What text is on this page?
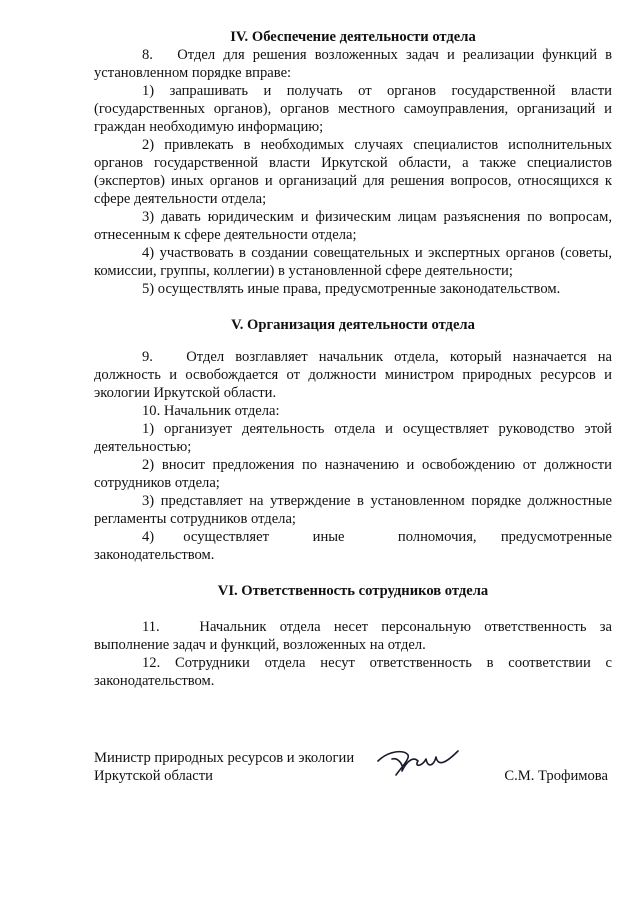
IV. Обеспечение деятельности отдела

8.   Отдел для решения возложенных задач и реализации функций в установленном порядке вправе:

1) запрашивать и получать от органов государственной власти (государственных органов), органов местного самоуправления, организаций и граждан необходимую информацию;

2) привлекать в необходимых случаях специалистов исполнительных органов государственной власти Иркутской области, а также специалистов (экспертов) иных органов и организаций для решения вопросов, относящихся к сфере деятельности отдела;

3) давать юридическим и физическим лицам разъяснения по вопросам, отнесенным к сфере деятельности отдела;

4) участвовать в создании совещательных и экспертных органов (советы, комиссии, группы, коллегии) в установленной сфере деятельности;

5) осуществлять иные права, предусмотренные законодательством.

V. Организация деятельности отдела

9.   Отдел возглавляет начальник отдела, который назначается на должность и освобождается от должности министром природных ресурсов и экологии Иркутской области.

10. Начальник отдела:

1) организует деятельность отдела и осуществляет руководство этой деятельностью;

2) вносит предложения по назначению и освобождению от должности сотрудников отдела;

3) представляет на утверждение в установленном порядке должностные регламенты сотрудников отдела;

4)      осуществляет         иные           полномочия,     предусмотренные законодательством.

VI. Ответственность сотрудников отдела

11.   Начальник отдела несет персональную ответственность за выполнение задач и функций, возложенных на отдел.

12. Сотрудники отдела несут ответственность в соответствии с законодательством.

Министр природных ресурсов и экологии
Иркутской области	С.М. Трофимова
